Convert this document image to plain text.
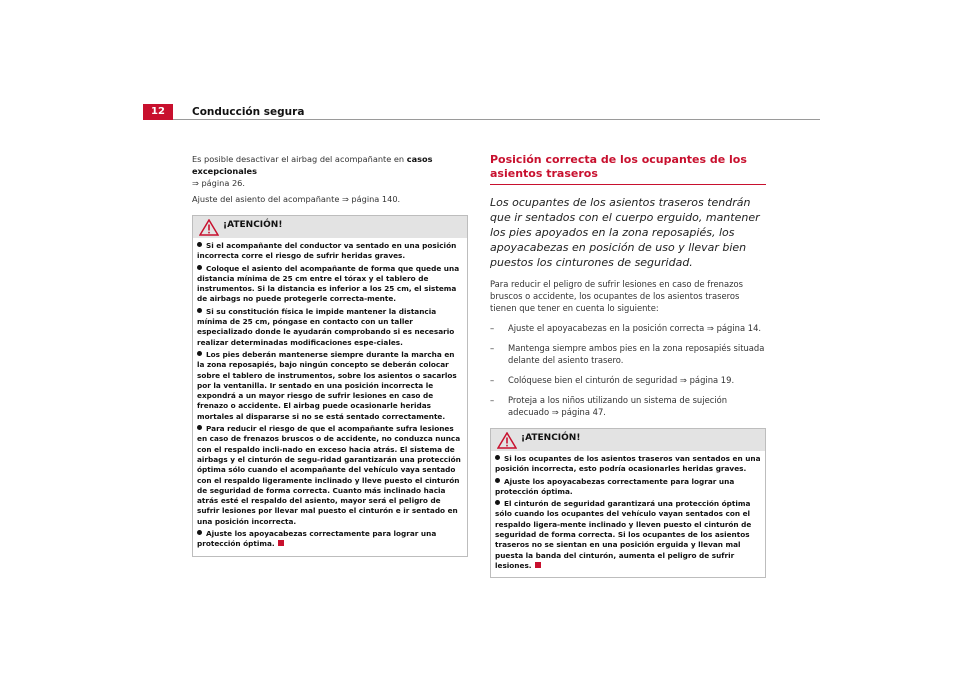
12	Conducción segura

Es posible desactivar el airbag del acompañante en casos excepcionales
⇒ página 26.

Ajuste del asiento del acompañante ⇒ página 140.

¡ATENCIÓN!

Si el acompañante del conductor va sentado en una posición incorrecta corre el riesgo de sufrir heridas graves.

Coloque el asiento del acompañante de forma que quede una distancia mínima de 25 cm entre el tórax y el tablero de instrumentos. Si la distancia es inferior a los 25 cm, el sistema de airbags no puede protegerle correcta-mente.

Si su constitución física le impide mantener la distancia mínima de 25 cm, póngase en contacto con un taller especializado donde le ayudarán comprobando si es necesario realizar determinadas modificaciones espe-ciales.

Los pies deberán mantenerse siempre durante la marcha en la zona reposapiés, bajo ningún concepto se deberán colocar sobre el tablero de instrumentos, sobre los asientos o sacarlos por la ventanilla. Ir sentado en una posición incorrecta le expondrá a un mayor riesgo de sufrir lesiones en caso de frenazo o accidente. El airbag puede ocasionarle heridas mortales al dispararse si no se está sentado correctamente.

Para reducir el riesgo de que el acompañante sufra lesiones en caso de frenazos bruscos o de accidente, no conduzca nunca con el respaldo incli-nado en exceso hacia atrás. El sistema de airbags y el cinturón de segu-ridad garantizarán una protección óptima sólo cuando el acompañante del vehículo vaya sentado con el respaldo ligeramente inclinado y lleve puesto el cinturón de seguridad de forma correcta. Cuanto más inclinado hacia atrás esté el respaldo del asiento, mayor será el peligro de sufrir lesiones por llevar mal puesto el cinturón e ir sentado en una posición incorrecta.

Ajuste los apoyacabezas correctamente para lograr una protección óptima.

Posición correcta de los ocupantes de los asientos traseros

Los ocupantes de los asientos traseros tendrán que ir sentados con el cuerpo erguido, mantener los pies apoyados en la zona reposapiés, los apoyacabezas en posición de uso y llevar bien puestos los cinturones de seguridad.

Para reducir el peligro de sufrir lesiones en caso de frenazos bruscos o accidente, los ocupantes de los asientos traseros tienen que tener en cuenta lo siguiente:

– Ajuste el apoyacabezas en la posición correcta ⇒ página 14.
– Mantenga siempre ambos pies en la zona reposapiés situada delante del asiento trasero.
– Colóquese bien el cinturón de seguridad ⇒ página 19.
– Proteja a los niños utilizando un sistema de sujeción adecuado ⇒ página 47.
¡ATENCIÓN!

Si los ocupantes de los asientos traseros van sentados en una posición incorrecta, esto podría ocasionarles heridas graves.

Ajuste los apoyacabezas correctamente para lograr una protección óptima.

El cinturón de seguridad garantizará una protección óptima sólo cuando los ocupantes del vehículo vayan sentados con el respaldo ligera-mente inclinado y lleven puesto el cinturón de seguridad de forma correcta. Si los ocupantes de los asientos traseros no se sientan en una posición erguida y llevan mal puesta la banda del cinturón, aumenta el peligro de sufrir lesiones.
